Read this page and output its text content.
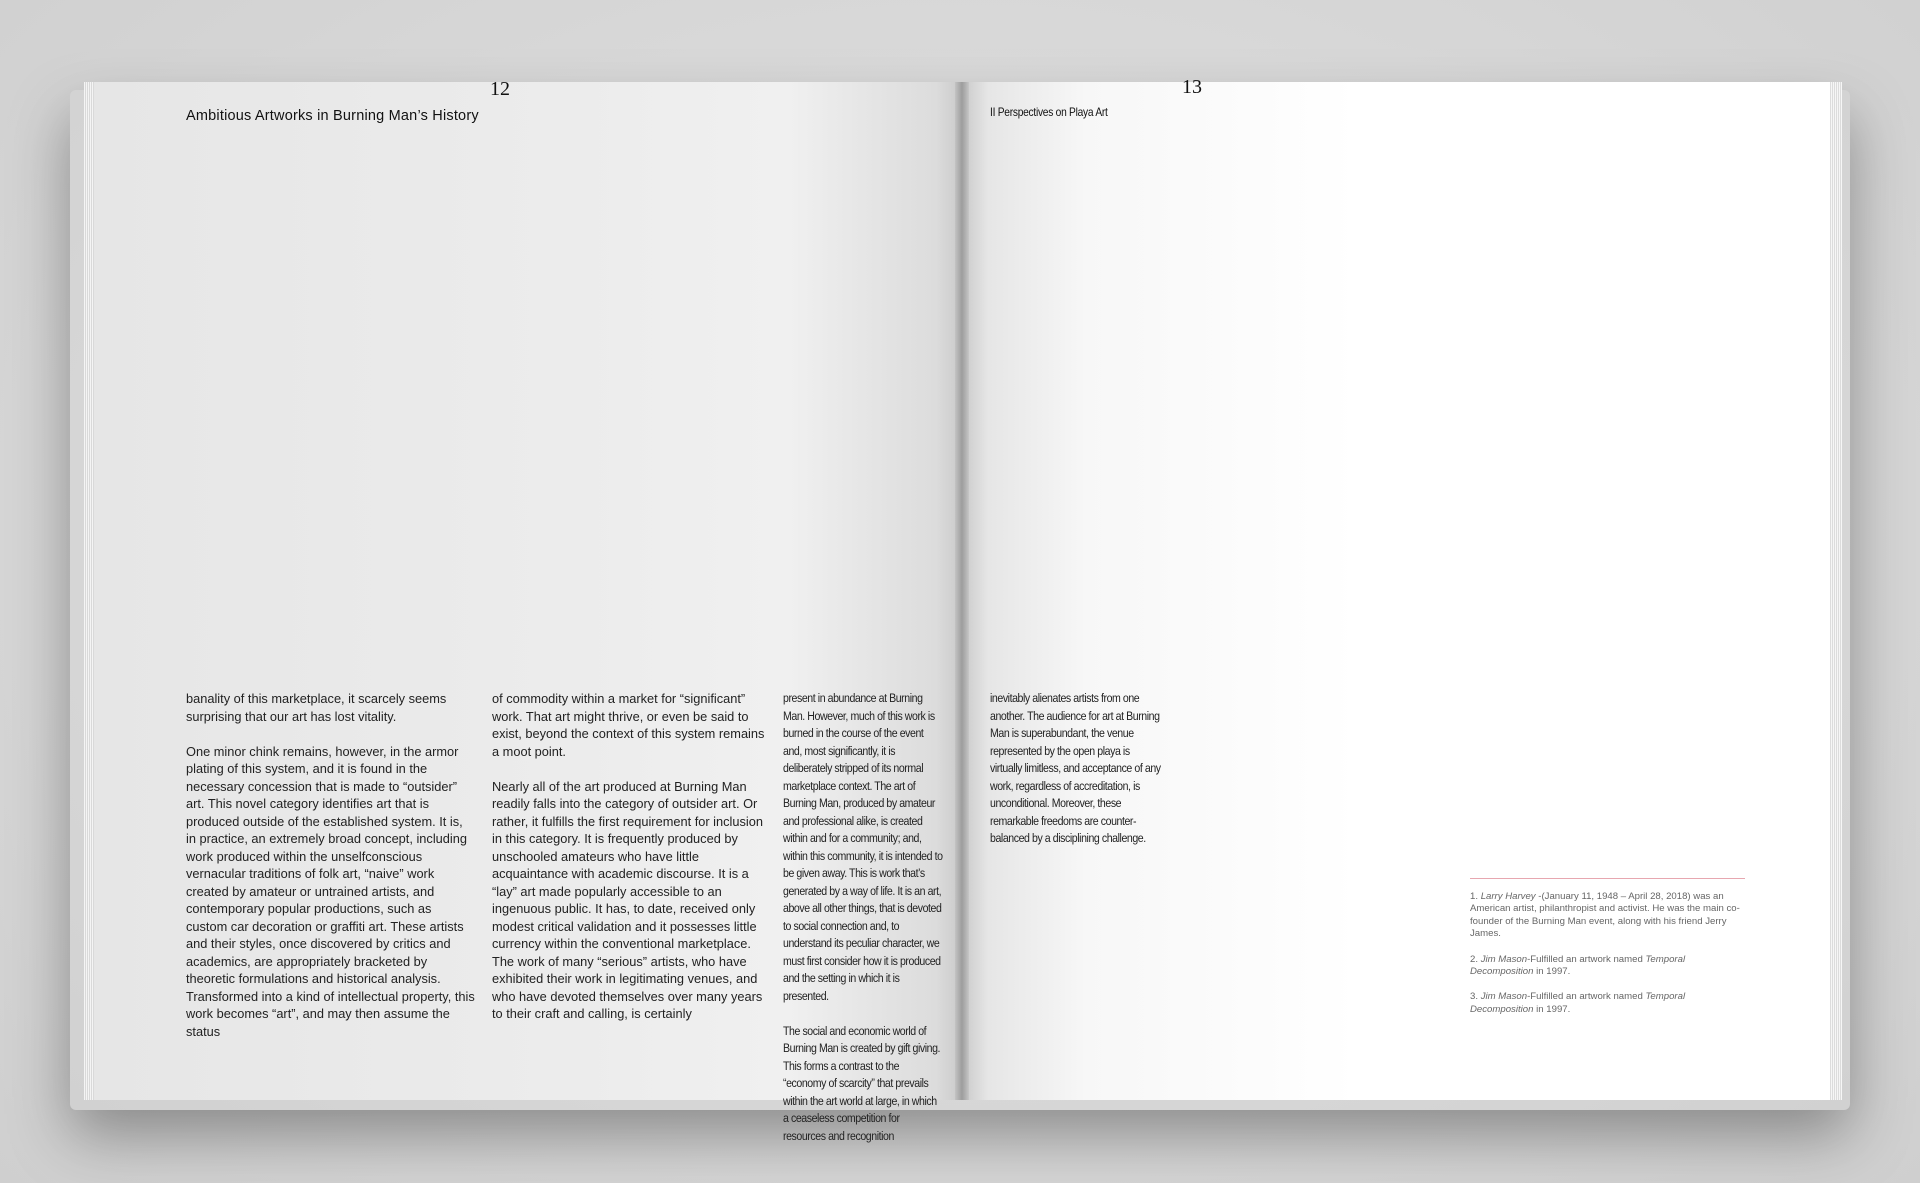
12	13
Ambitious Artworks in Burning Man’s History	II Perspectives on Playa Art
banality of this marketplace, it scarcely seems surprising that our art has lost vitality.

One minor chink remains, however, in the armor plating of this system, and it is found in the necessary concession that is made to “outsider” art. This novel category identifies art that is produced outside of the established system. It is, in practice, an extremely broad concept, including work produced within the unselfconscious vernacular traditions of folk art, “naive” work created by amateur or untrained artists, and contemporary popular productions, such as custom car decoration or graffiti art. These artists and their styles, once discovered by critics and academics, are appropriately bracketed by theoretic formulations and historical analysis. Transformed into a kind of intellectual property, this work becomes “art”, and may then assume the status
of commodity within a market for “significant” work. That art might thrive, or even be said to exist, beyond the context of this system remains a moot point.

Nearly all of the art produced at Burning Man readily falls into the category of outsider art. Or rather, it fulfills the first requirement for inclusion in this category. It is frequently produced by unschooled amateurs who have little acquaintance with academic discourse. It is a “lay” art made popularly accessible to an ingenuous public. It has, to date, received only modest critical validation and it possesses little currency within the conventional marketplace. The work of many “serious” artists, who have exhibited their work in legitimating venues, and who have devoted themselves over many years to their craft and calling, is certainly
present in abundance at Burning Man. However, much of this work is burned in the course of the event and, most significantly, it is deliberately stripped of its normal marketplace context. The art of Burning Man, produced by amateur and professional alike, is created within and for a community; and, within this community, it is intended to be given away. This is work that’s generated by a way of life. It is an art, above all other things, that is devoted to social connection and, to understand its peculiar character, we must first consider how it is produced and the setting in which it is presented.

The social and economic world of Burning Man is created by gift giving. This forms a contrast to the “economy of scarcity” that prevails within the art world at large, in which a ceaseless competition for resources and recognition
inevitably alienates artists from one another. The audience for art at Burning Man is superabundant, the venue represented by the open playa is virtually limitless, and acceptance of any work, regardless of accreditation, is unconditional. Moreover, these remarkable freedoms are counter-balanced by a disciplining challenge.

1. Larry Harvey -(January 11, 1948 – April 28, 2018) was an American artist, philanthropist and activist. He was the main co-founder of the Burning Man event, along with his friend Jerry James.

2. Jim Mason-Fulfilled an artwork named Temporal Decomposition in 1997.

3. Jim Mason-Fulfilled an artwork named Temporal Decomposition in 1997.
